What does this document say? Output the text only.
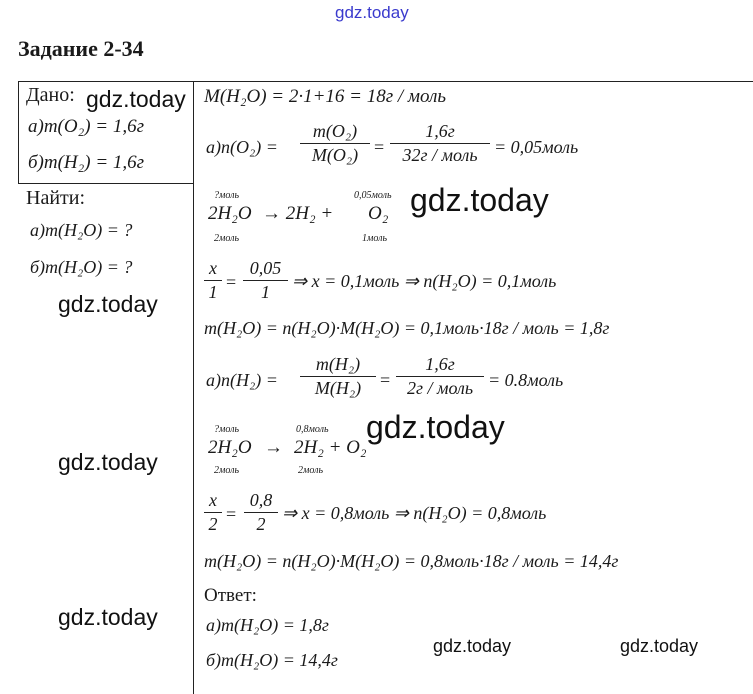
gdz.today
gdz.today
gdz.today
gdz.today
gdz.today
gdz.today
gdz.today
gdz.today	gdz.today
Задание 2-34
Дано:
а)m(O₂) = 1,6г
б)m(H₂) = 1,6г
Найти:
а)m(H₂O) = ?
б)m(H₂O) = ?
M(H₂O) = 2·1+16 = 18г / моль
а)n(O₂) =
m(O₂)
M(O₂) =
1,6г
32г / моль = 0,05моль
?моль	0,05моль
2H₂O → 2H₂ + O₂
2моль	1моль
x
1 =
0,05
1
⇒ x = 0,1моль ⇒ n(H₂O) = 0,1моль
m(H₂O) = n(H₂O)·M(H₂O) = 0,1моль·18г / моль = 1,8г
а)n(H₂) =
m(H₂)
M(H₂)	=
1,6г
2г / моль = 0.8моль
?моль	0,8моль
2H₂O → 2H₂ + O₂
2моль	2моль
x
2 =
0,8
2
⇒ x = 0,8моль ⇒ n(H₂O) = 0,8моль
m(H₂O) = n(H₂O)·M(H₂O) = 0,8моль·18г / моль = 14,4г
Ответ:
а)m(H₂O) = 1,8г
б)m(H₂O) = 14,4г
